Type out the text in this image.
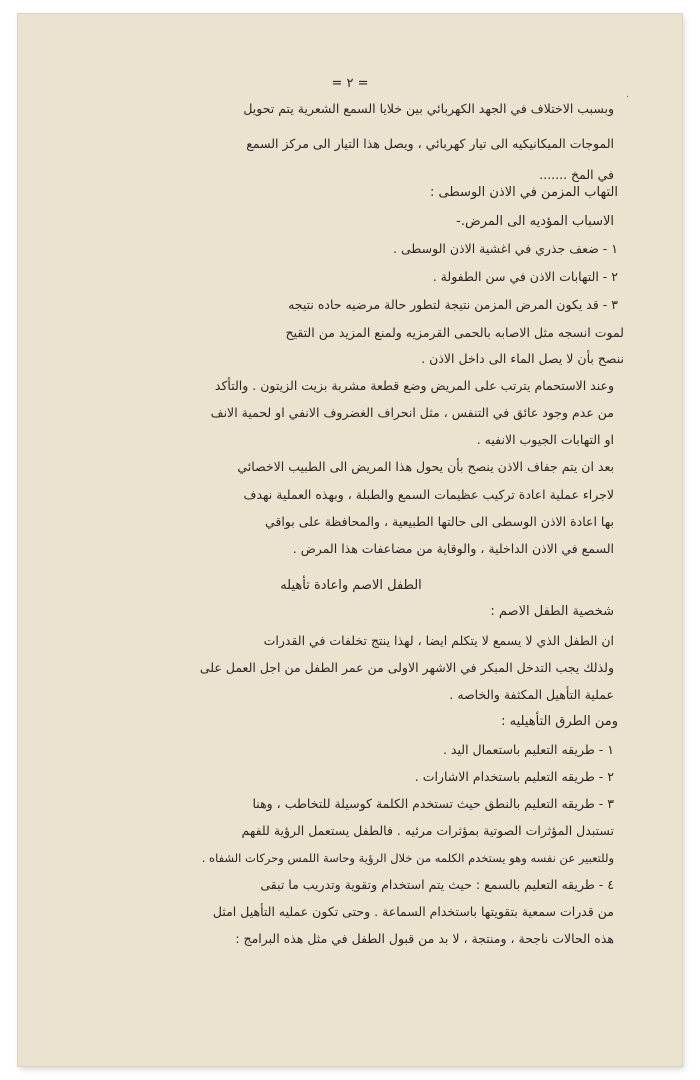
·
= ٢ =
وبسبب الاختلاف في الجهد الكهربائي بين خلايا السمع الشعرية يتم تحويل
الموجات الميكانيكيه الى تيار كهربائي ، ويصل هذا التيار الى مركز السمع
في المخ .......
التهاب المزمن في الاذن الوسطى :
الاسباب المؤديه الى المرض.-
١ - ضعف جذري في اغشية الاذن الوسطى .
٢ - التهابات الاذن في سن الطفولة .
٣ - قد يكون المرض المزمن نتيجة لتطور حالة مرضيه حاده نتيجه
لموت انسجه مثل الاصابه بالحمى القرمزيه ولمنع المزيد من التقيح
ننصح بأن لا يصل الماء الى داخل الاذن .
وعند الاستحمام يترتب على المريض وضع قطعة مشربة بزيت الزيتون . والتأكد
من عدم وجود عائق في التنفس ، مثل انحراف الغضروف الانفي او لحمية الانف
او التهابات الجيوب الانفيه .
بعد ان يتم جفاف الاذن ينصح بأن يحول هذا المريض الى الطبيب الاخصائي
لاجراء عملية اعادة تركيب عظيمات السمع والطبلة ، وبهذه العملية نهدف
بها اعادة الاذن الوسطى الى حالتها الطبيعية ، والمحافظة على بواقي
السمع في الاذن الداخلية ، والوقاية من مضاعفات هذا المرض .
الطفل الاصم واعادة تأهيله
شخصية الطفل الاصم :
ان الطفل الذي لا يسمع لا يتكلم ايضا ، لهذا ينتج تخلفات في القدرات
ولذلك يجب التدخل المبكر في الاشهر الاولى من عمر الطفل من اجل العمل على
عملية التأهيل المكثفة والخاصه .
ومن الطرق التأهيليه :
١ - طريقه التعليم باستعمال اليد .
٢ - طريقه التعليم باستخدام الاشارات .
٣ - طريقه التعليم بالنطق حيث تستخدم الكلمة كوسيلة للتخاطب ، وهنا
تستبدل المؤثرات الصوتية بمؤثرات مرئيه . فالطفل يستعمل الرؤية للفهم
وللتعبير عن نفسه وهو يستخدم الكلمه من خلال الرؤية وحاسة اللمس وحركات الشفاه .
٤ - طريقه التعليم بالسمع : حيث يتم استخدام وتقوية وتدريب ما تبقى
من قدرات سمعية بتقويتها باستخدام السماعة . وحتى تكون عمليه التأهيل امثل
هذه الحالات ناجحة ، ومنتجة ، لا بد من قبول الطفل في مثل هذه البرامج :
